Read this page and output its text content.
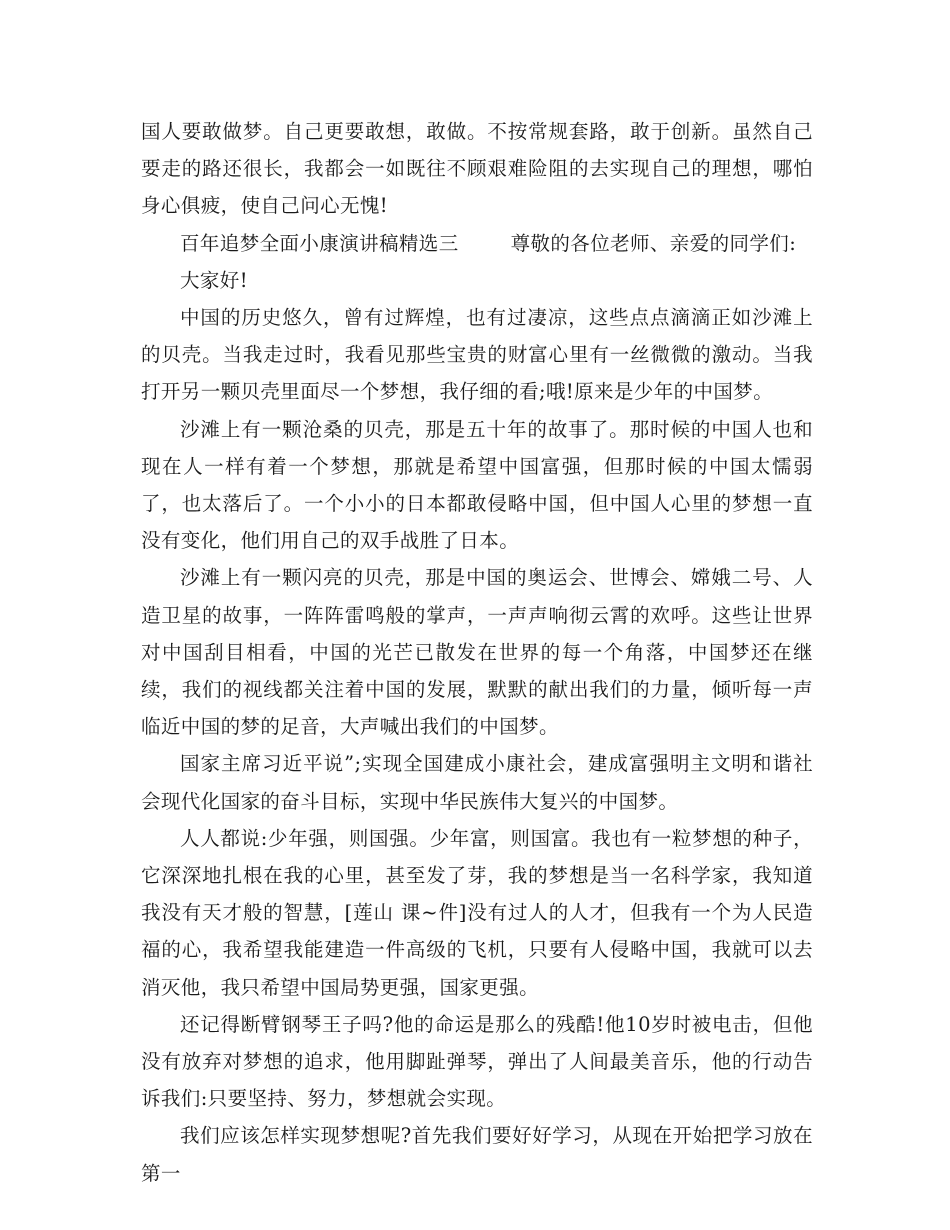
国人要敢做梦。自己更要敢想，敢做。不按常规套路，敢于创新。虽然自己要走的路还很长，我都会一如既往不顾艰难险阻的去实现自己的理想，哪怕身心俱疲，使自己问心无愧!

百年追梦全面小康演讲稿精选三	尊敬的各位老师、亲爱的同学们:

大家好!

中国的历史悠久，曾有过辉煌，也有过凄凉，这些点点滴滴正如沙滩上的贝壳。当我走过时，我看见那些宝贵的财富心里有一丝微微的激动。当我打开另一颗贝壳里面尽一个梦想，我仔细的看;哦!原来是少年的中国梦。

沙滩上有一颗沧桑的贝壳，那是五十年的故事了。那时候的中国人也和现在人一样有着一个梦想，那就是希望中国富强，但那时候的中国太懦弱了，也太落后了。一个小小的日本都敢侵略中国，但中国人心里的梦想一直没有变化，他们用自己的双手战胜了日本。

沙滩上有一颗闪亮的贝壳，那是中国的奥运会、世博会、嫦娥二号、人造卫星的故事，一阵阵雷鸣般的掌声，一声声响彻云霄的欢呼。这些让世界对中国刮目相看，中国的光芒已散发在世界的每一个角落，中国梦还在继续，我们的视线都关注着中国的发展，默默的献出我们的力量，倾听每一声临近中国的梦的足音，大声喊出我们的中国梦。

国家主席习近平说”;实现全国建成小康社会，建成富强明主文明和谐社会现代化国家的奋斗目标，实现中华民族伟大复兴的中国梦。

人人都说:少年强，则国强。少年富，则国富。我也有一粒梦想的种子，它深深地扎根在我的心里，甚至发了芽，我的梦想是当一名科学家，我知道我没有天才般的智慧，[莲山 课~件]没有过人的人才，但我有一个为人民造福的心，我希望我能建造一件高级的飞机，只要有人侵略中国，我就可以去消灭他，我只希望中国局势更强，国家更强。

还记得断臂钢琴王子吗?他的命运是那么的残酷!他10岁时被电击，但他没有放弃对梦想的追求，他用脚趾弹琴，弹出了人间最美音乐，他的行动告诉我们:只要坚持、努力，梦想就会实现。

我们应该怎样实现梦想呢?首先我们要好好学习，从现在开始把学习放在第一
